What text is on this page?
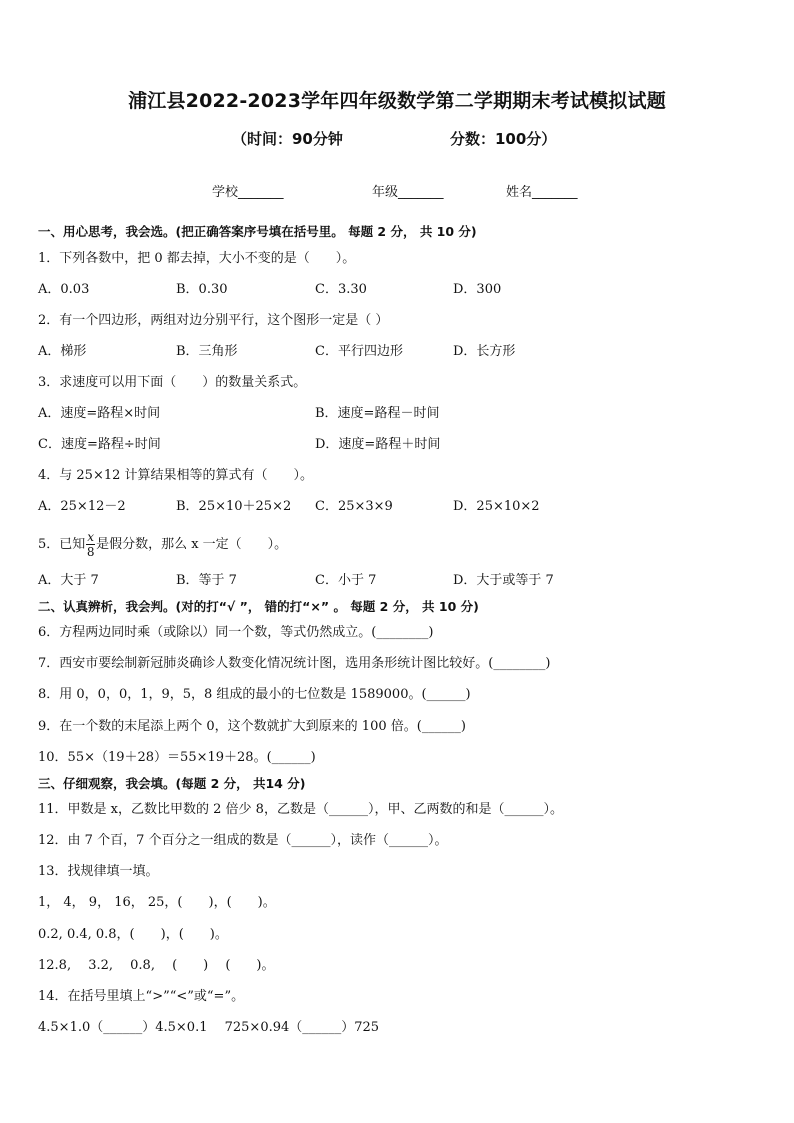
浦江县2022-2023学年四年级数学第二学期期末考试模拟试题
（时间：90分钟	分数：100分）
学校_______	年级_______	姓名_______
一、用心思考，我会选。(把正确答案序号填在括号里。 每题 2 分， 共 10 分)
1．下列各数中，把 0 都去掉，大小不变的是（　　）。
A．0.03	B．0.30	C．3.30	D．300
2．有一个四边形，两组对边分别平行，这个图形一定是（ ）
A．梯形	B．三角形	C．平行四边形	D．长方形
3．求速度可以用下面（　　）的数量关系式。
A．速度=路程×时间	B．速度=路程－时间
C．速度=路程÷时间	D．速度=路程＋时间
4．与 25×12 计算结果相等的算式有（　　）。
A．25×12－2	B．25×10＋25×2 C．25×3×9	D．25×10×2
5．已知 $\frac{x}{8}$ 是假分数，那么 x 一定（　　）。
A．大于 7	B．等于 7	C．小于 7	D．大于或等于 7
二、认真辨析，我会判。(对的打“√ ”， 错的打“×” 。 每题 2 分， 共 10 分)
6．方程两边同时乘（或除以）同一个数，等式仍然成立。(________)
7．西安市要绘制新冠肺炎确诊人数变化情况统计图，选用条形统计图比较好。(________)
8．用 0，0，0，1，9，5，8 组成的最小的七位数是 1589000。(______)
9．在一个数的末尾添上两个 0，这个数就扩大到原来的 100 倍。(______)
10．55×（19＋28）＝55×19＋28。(______)
三、仔细观察，我会填。(每题 2 分， 共14 分)
11．甲数是 x，乙数比甲数的 2 倍少 8，乙数是（______），甲、乙两数的和是（______）。
12．由 7 个百，7 个百分之一组成的数是（______），读作（______）。
13．找规律填一填。
1， 4， 9， 16， 25，(　　)，(　　)。
0.2, 0.4, 0.8，(　　)，(　　)。
12.8,　 3.2,　 0.8,　 (　　)　 (　　)。
14．在括号里填上“>”“<”或“=”。
4.5×1.0（______）4.5×0.1　 725×0.94（______）725
